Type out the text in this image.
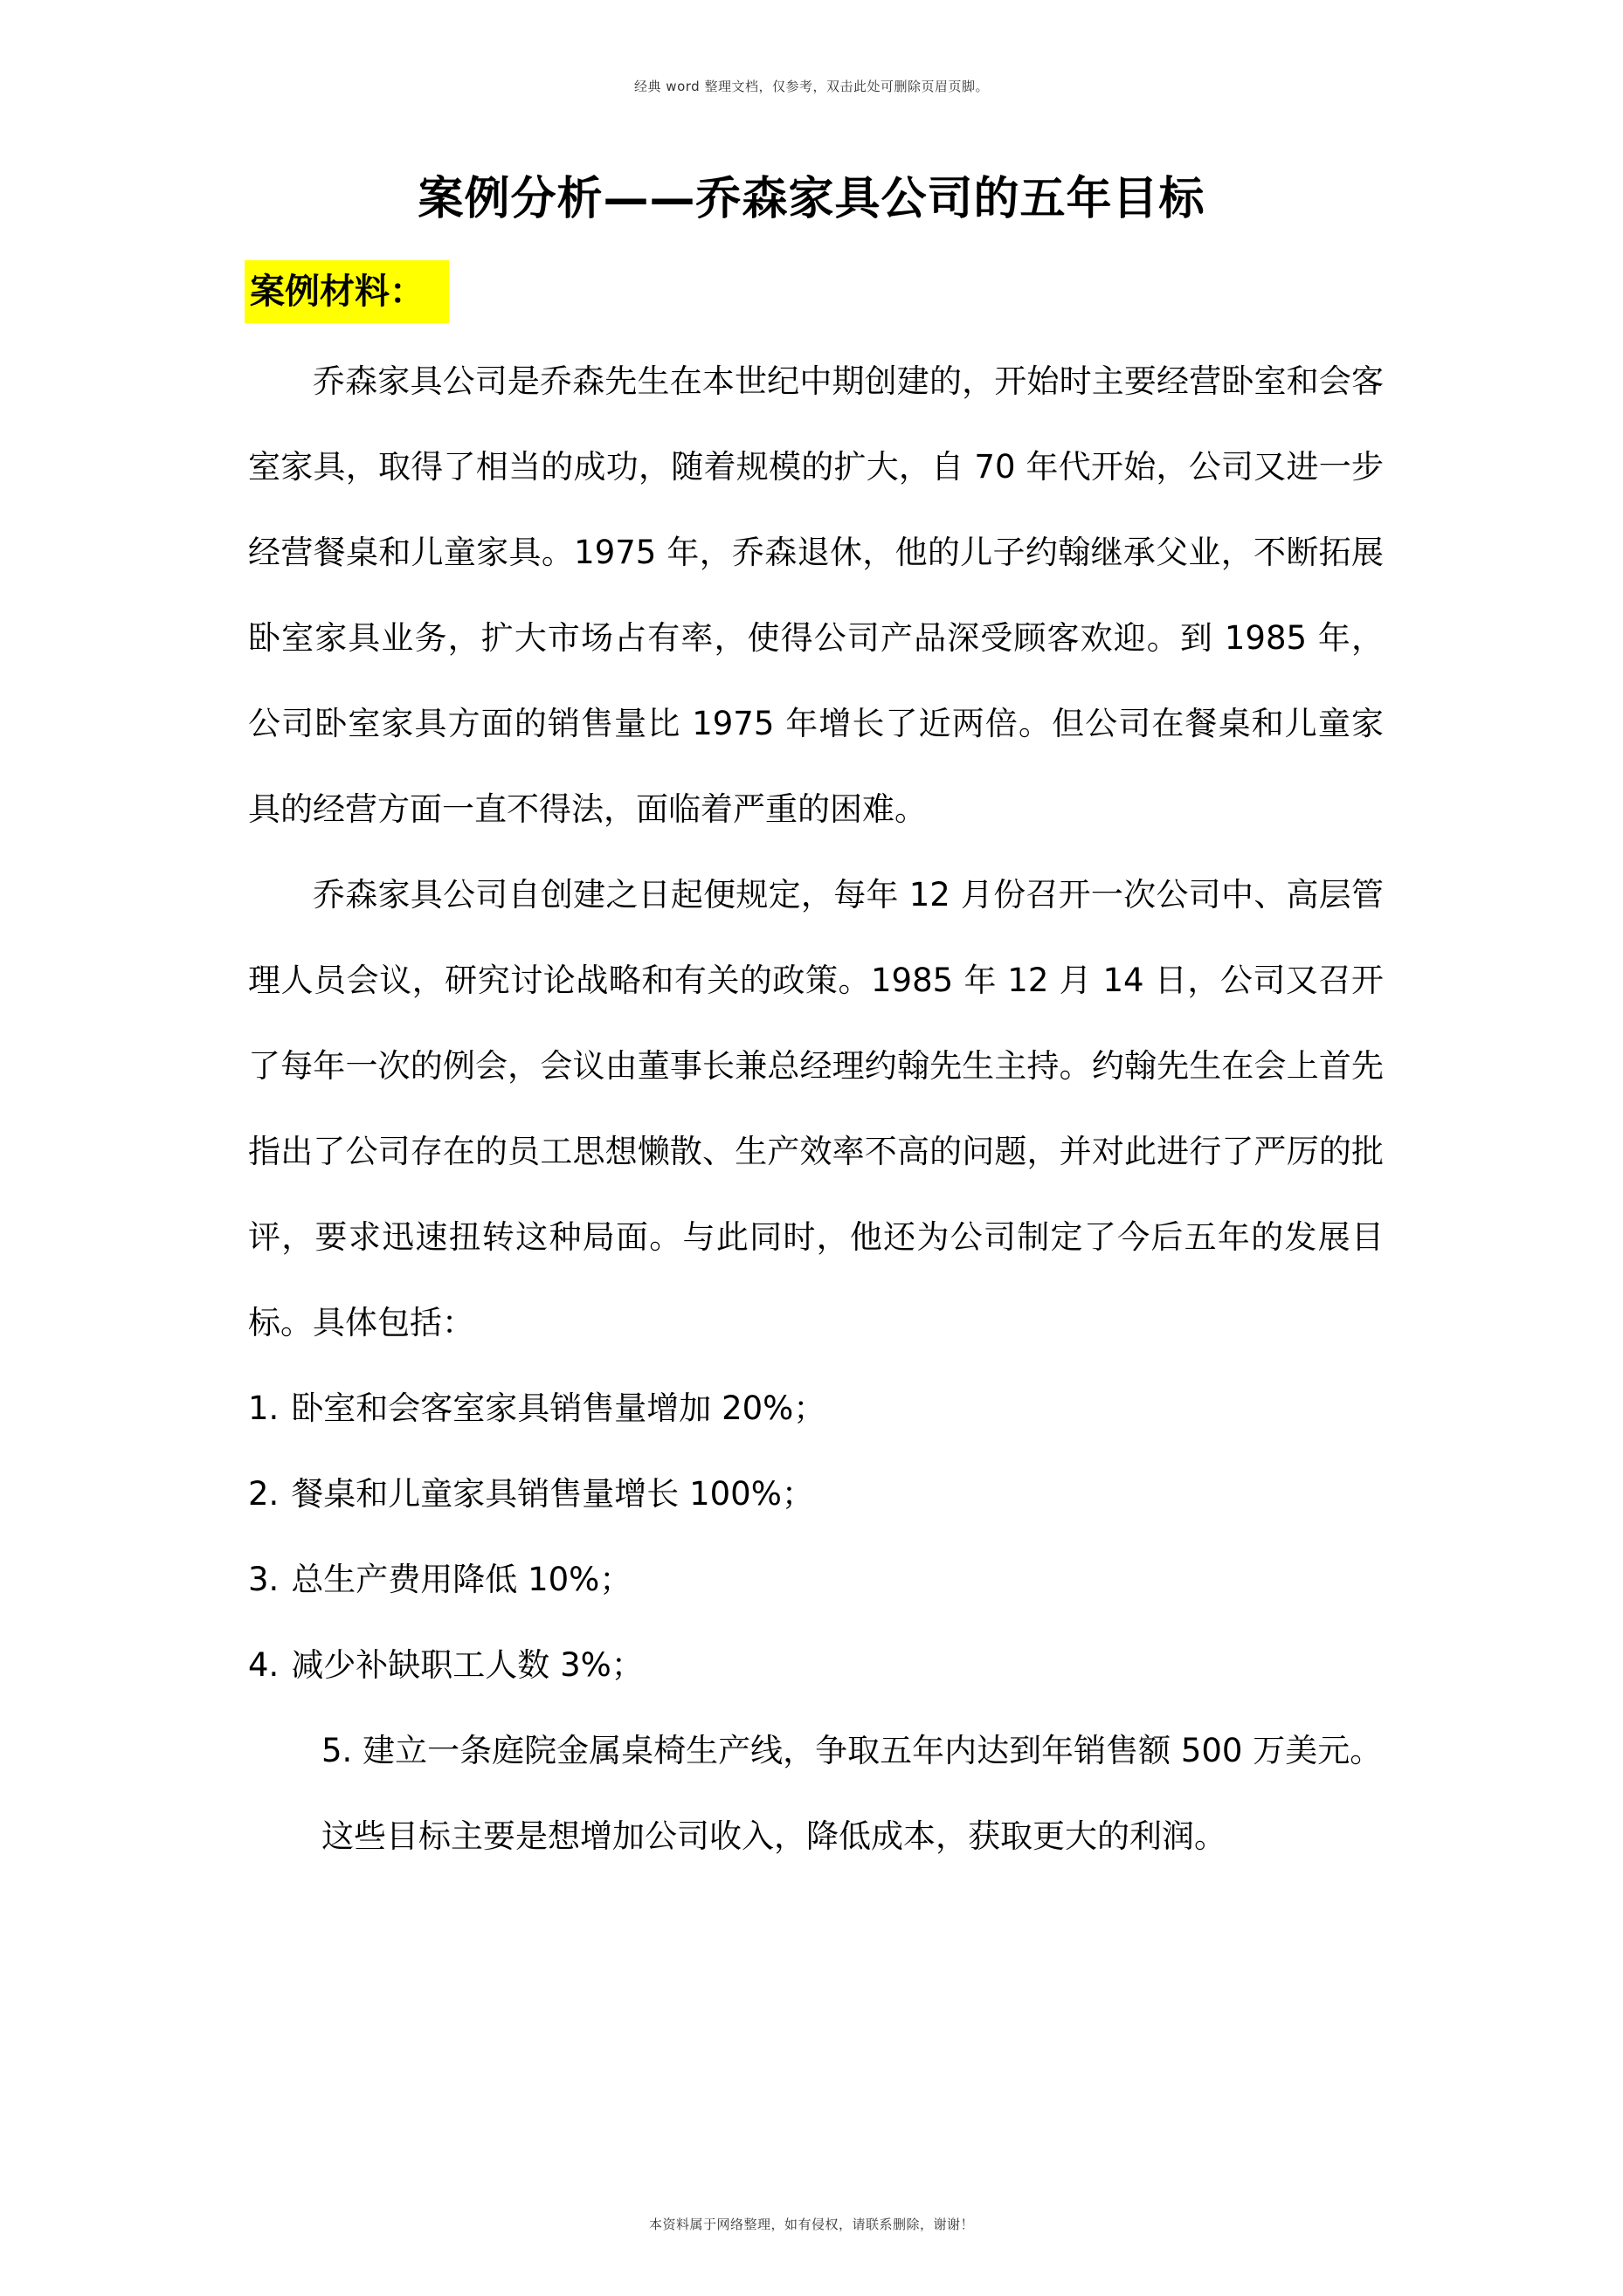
经典 word 整理文档，仅参考，双击此处可删除页眉页脚。
案例分析——乔森家具公司的五年目标
案例材料：

乔森家具公司是乔森先生在本世纪中期创建的，开始时主要经营卧室和会客室家具，取得了相当的成功，随着规模的扩大，自 70 年代开始，公司又进一步经营餐桌和儿童家具。1975 年，乔森退休，他的儿子约翰继承父业，不断拓展卧室家具业务，扩大市场占有率，使得公司产品深受顾客欢迎。到 1985 年，公司卧室家具方面的销售量比 1975 年增长了近两倍。但公司在餐桌和儿童家具的经营方面一直不得法，面临着严重的困难。

乔森家具公司自创建之日起便规定，每年 12 月份召开一次公司中、高层管理人员会议，研究讨论战略和有关的政策。1985 年 12 月 14 日，公司又召开了每年一次的例会，会议由董事长兼总经理约翰先生主持。约翰先生在会上首先指出了公司存在的员工思想懒散、生产效率不高的问题，并对此进行了严厉的批评，要求迅速扭转这种局面。与此同时，他还为公司制定了今后五年的发展目标。具体包括：

1. 卧室和会客室家具销售量增加 20%；

2. 餐桌和儿童家具销售量增长 100%；

3. 总生产费用降低 10%；

4. 减少补缺职工人数 3%；

5. 建立一条庭院金属桌椅生产线，争取五年内达到年销售额 500 万美元。

这些目标主要是想增加公司收入，降低成本，获取更大的利润。

本资料属于网络整理，如有侵权，请联系删除，谢谢！
